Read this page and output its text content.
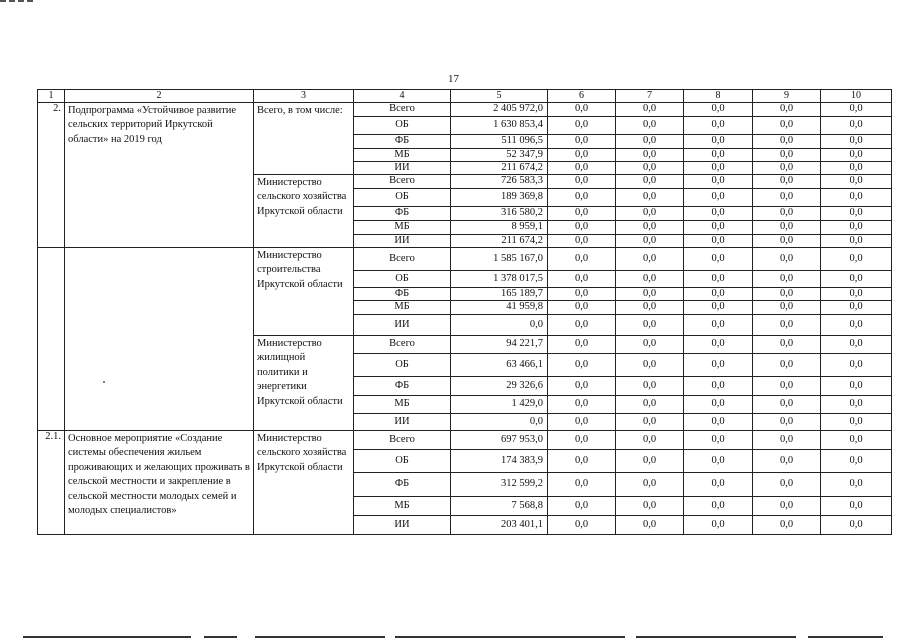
17
1	2	3	4	5	6	7	8	9	10
2.	Подпрограмма «Устойчивое развитие сельских территорий Иркутской области» на 2019 год	Всего, в том числе:	Всего	2 405 972,0	0,0	0,0	0,0	0,0	0,0
			ОБ	1 630 853,4	0,0	0,0	0,0	0,0	0,0
			ФБ	511 096,5	0,0	0,0	0,0	0,0	0,0
			МБ	52 347,9	0,0	0,0	0,0	0,0	0,0
			ИИ	211 674,2	0,0	0,0	0,0	0,0	0,0
		Министерство сельского хозяйства Иркутской области	Всего	726 583,3	0,0	0,0	0,0	0,0	0,0
			ОБ	189 369,8	0,0	0,0	0,0	0,0	0,0
			ФБ	316 580,2	0,0	0,0	0,0	0,0	0,0
			МБ	8 959,1	0,0	0,0	0,0	0,0	0,0
			ИИ	211 674,2	0,0	0,0	0,0	0,0	0,0
		Министерство строительства Иркутской области	Всего	1 585 167,0	0,0	0,0	0,0	0,0	0,0
			ОБ	1 378 017,5	0,0	0,0	0,0	0,0	0,0
			ФБ	165 189,7	0,0	0,0	0,0	0,0	0,0
			МБ	41 959,8	0,0	0,0	0,0	0,0	0,0
			ИИ	0,0	0,0	0,0	0,0	0,0	0,0
		Министерство жилищной политики и энергетики Иркутской области	Всего	94 221,7	0,0	0,0	0,0	0,0	0,0
			ОБ	63 466,1	0,0	0,0	0,0	0,0	0,0
			ФБ	29 326,6	0,0	0,0	0,0	0,0	0,0
			МБ	1 429,0	0,0	0,0	0,0	0,0	0,0
			ИИ	0,0	0,0	0,0	0,0	0,0	0,0
2.1.	Основное мероприятие «Создание системы обеспечения жильем проживающих и желающих проживать в сельской местности и закрепление в сельской местности молодых семей и молодых специалистов»	Министерство сельского хозяйства Иркутской области	Всего	697 953,0	0,0	0,0	0,0	0,0	0,0
			ОБ	174 383,9	0,0	0,0	0,0	0,0	0,0
			ФБ	312 599,2	0,0	0,0	0,0	0,0	0,0
			МБ	7 568,8	0,0	0,0	0,0	0,0	0,0
			ИИ	203 401,1	0,0	0,0	0,0	0,0	0,0
